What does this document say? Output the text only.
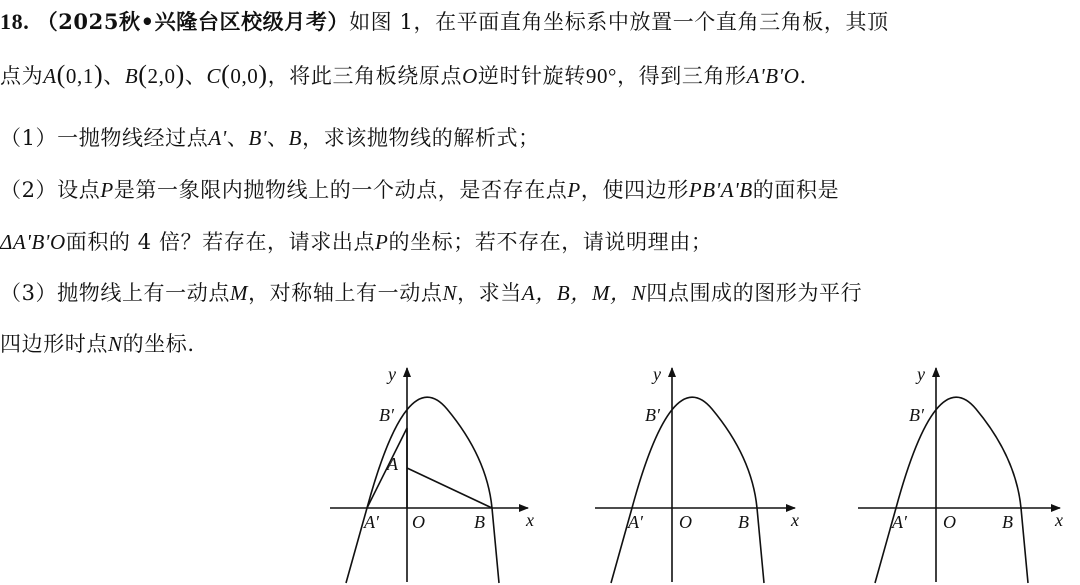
18. （2025秋•兴隆台区校级月考）如图 1，在平面直角坐标系中放置一个直角三角板，其顶
点为A(0,1)、B(2,0)、C(0,0)，将此三角板绕原点O逆时针旋转90°，得到三角形A'B'O.
（1）一抛物线经过点A'、B'、B，求该抛物线的解析式；
（2）设点P是第一象限内抛物线上的一个动点，是否存在点P，使四边形PB'A'B的面积是
ΔA'B'O面积的 4 倍？若存在，请求出点P的坐标；若不存在，请说明理由；
（3）抛物线上有一动点M，对称轴上有一动点N，求当A，B，M，N四点围成的图形为平行
四边形时点N的坐标.
y
x
O
B′
A
A′	B
y
x
O
B′
A′	B
y
x
O
B′
A′	B
